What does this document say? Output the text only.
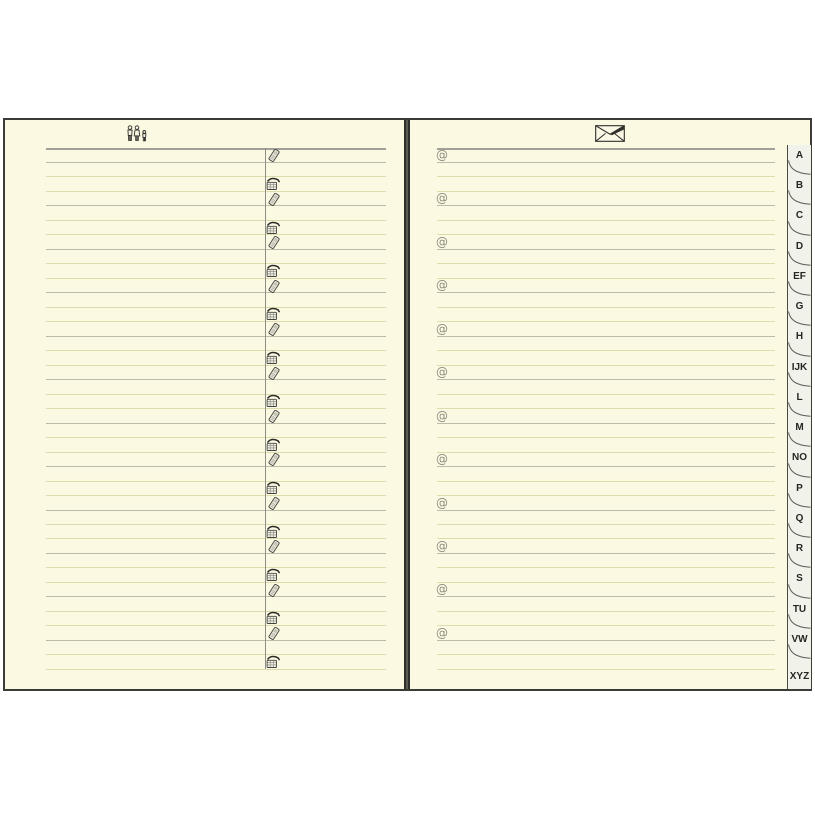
@
@
@
@
@
@
@
@
@
@
@
@
A
B
C
D
EF
G
H
IJK
L
M
NO
P
Q
R
S
TU
VW
XYZ
